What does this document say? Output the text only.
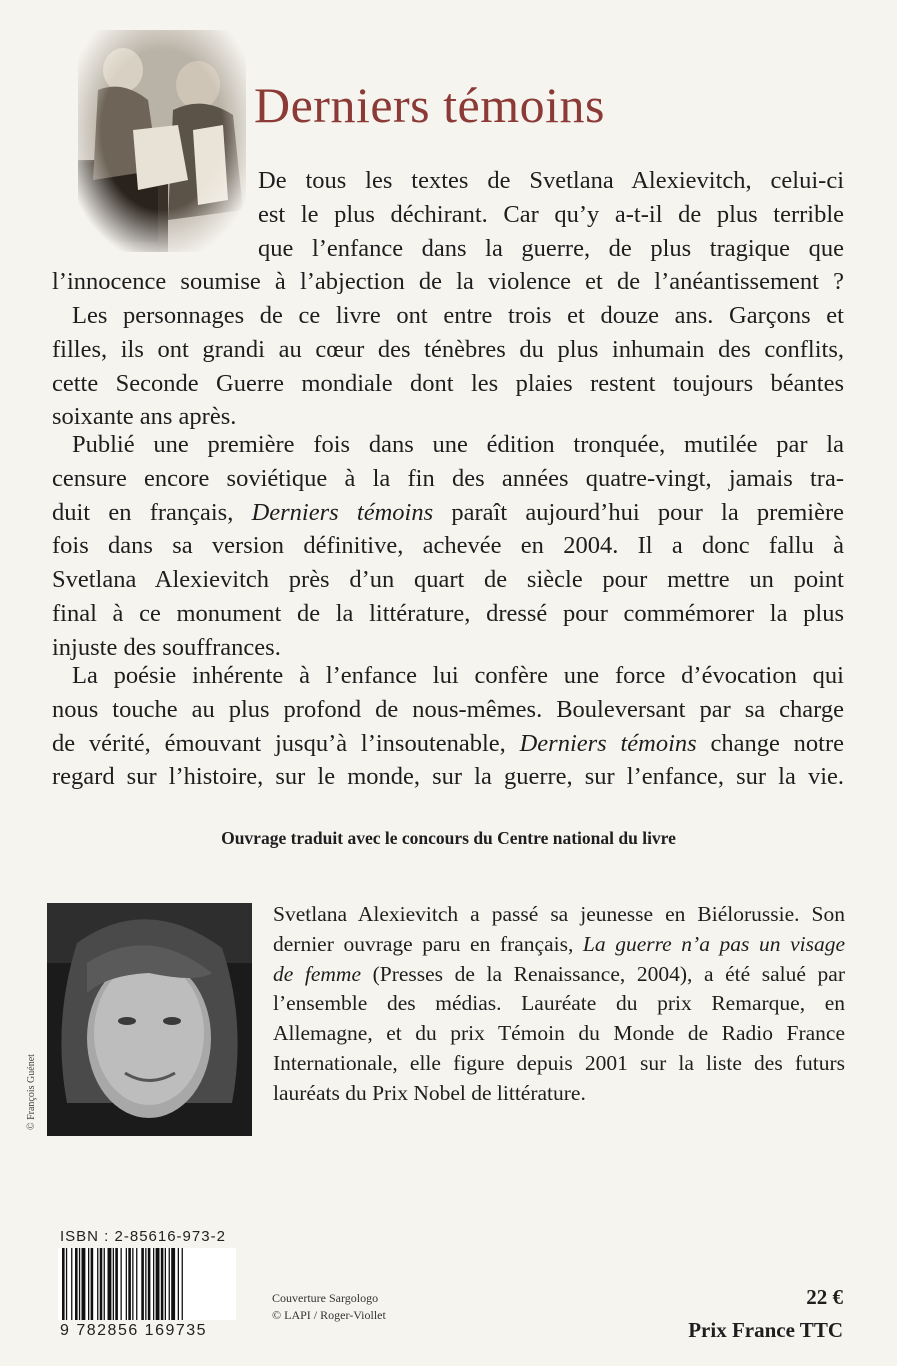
Derniers témoins
De tous les textes de Svetlana Alexievitch, celui-ci
est le plus déchirant. Car qu’y a-t-il de plus terrible
que l’enfance dans la guerre, de plus tragique que
l’innocence soumise à l’abjection de la violence et de l’anéantissement ?
Les personnages de ce livre ont entre trois et douze ans. Garçons et
filles, ils ont grandi au cœur des ténèbres du plus inhumain des conflits,
cette Seconde Guerre mondiale dont les plaies restent toujours béantes
soixante ans après.
Publié une première fois dans une édition tronquée, mutilée par la
censure encore soviétique à la fin des années quatre-vingt, jamais tra-
duit en français, Derniers témoins paraît aujourd’hui pour la première
fois dans sa version définitive, achevée en 2004. Il a donc fallu à
Svetlana Alexievitch près d’un quart de siècle pour mettre un point
final à ce monument de la littérature, dressé pour commémorer la plus
injuste des souffrances.
La poésie inhérente à l’enfance lui confère une force d’évocation qui
nous touche au plus profond de nous-mêmes. Bouleversant par sa charge
de vérité, émouvant jusqu’à l’insoutenable, Derniers témoins change notre
regard sur l’histoire, sur le monde, sur la guerre, sur l’enfance, sur la vie.

Ouvrage traduit avec le concours du Centre national du livre

© François Guénet
Svetlana Alexievitch a passé sa jeunesse en Biélorussie. Son
dernier ouvrage paru en français, La guerre n’a pas un visage
de femme (Presses de la Renaissance, 2004), a été salué par
l’ensemble des médias. Lauréate du prix Remarque, en
Allemagne, et du prix Témoin du Monde de Radio France
Internationale, elle figure depuis 2001 sur la liste des futurs
lauréats du Prix Nobel de littérature.
ISBN : 2-85616-973-2
9 782856 169735
Couverture Sargologo
© LAPI / Roger-Viollet
22 €
Prix France TTC
